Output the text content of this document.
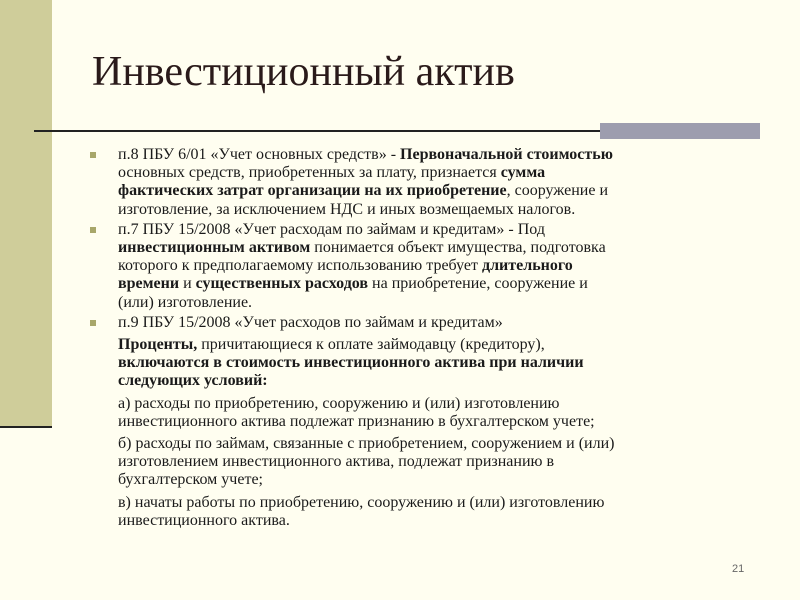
Инвестиционный актив
п.8 ПБУ 6/01 «Учет основных средств» - Первоначальной стоимостью
основных средств, приобретенных за плату, признается сумма
фактических затрат организации на их приобретение, сооружение и
изготовление, за исключением НДС и иных возмещаемых налогов.
п.7 ПБУ 15/2008 «Учет расходам по займам и кредитам» - Под
инвестиционным активом понимается объект имущества, подготовка
которого к предполагаемому использованию требует длительного
времени и существенных расходов на приобретение, сооружение и
(или) изготовление.
п.9 ПБУ 15/2008 «Учет расходов по займам и кредитам»
Проценты, причитающиеся к оплате займодавцу (кредитору),
включаются в стоимость инвестиционного актива при наличии
следующих условий:
а) расходы по приобретению, сооружению и (или) изготовлению
инвестиционного актива подлежат признанию в бухгалтерском учете;
б) расходы по займам, связанные с приобретением, сооружением и (или)
изготовлением инвестиционного актива, подлежат признанию в
бухгалтерском учете;
в) начаты работы по приобретению, сооружению и (или) изготовлению
инвестиционного актива.
21
